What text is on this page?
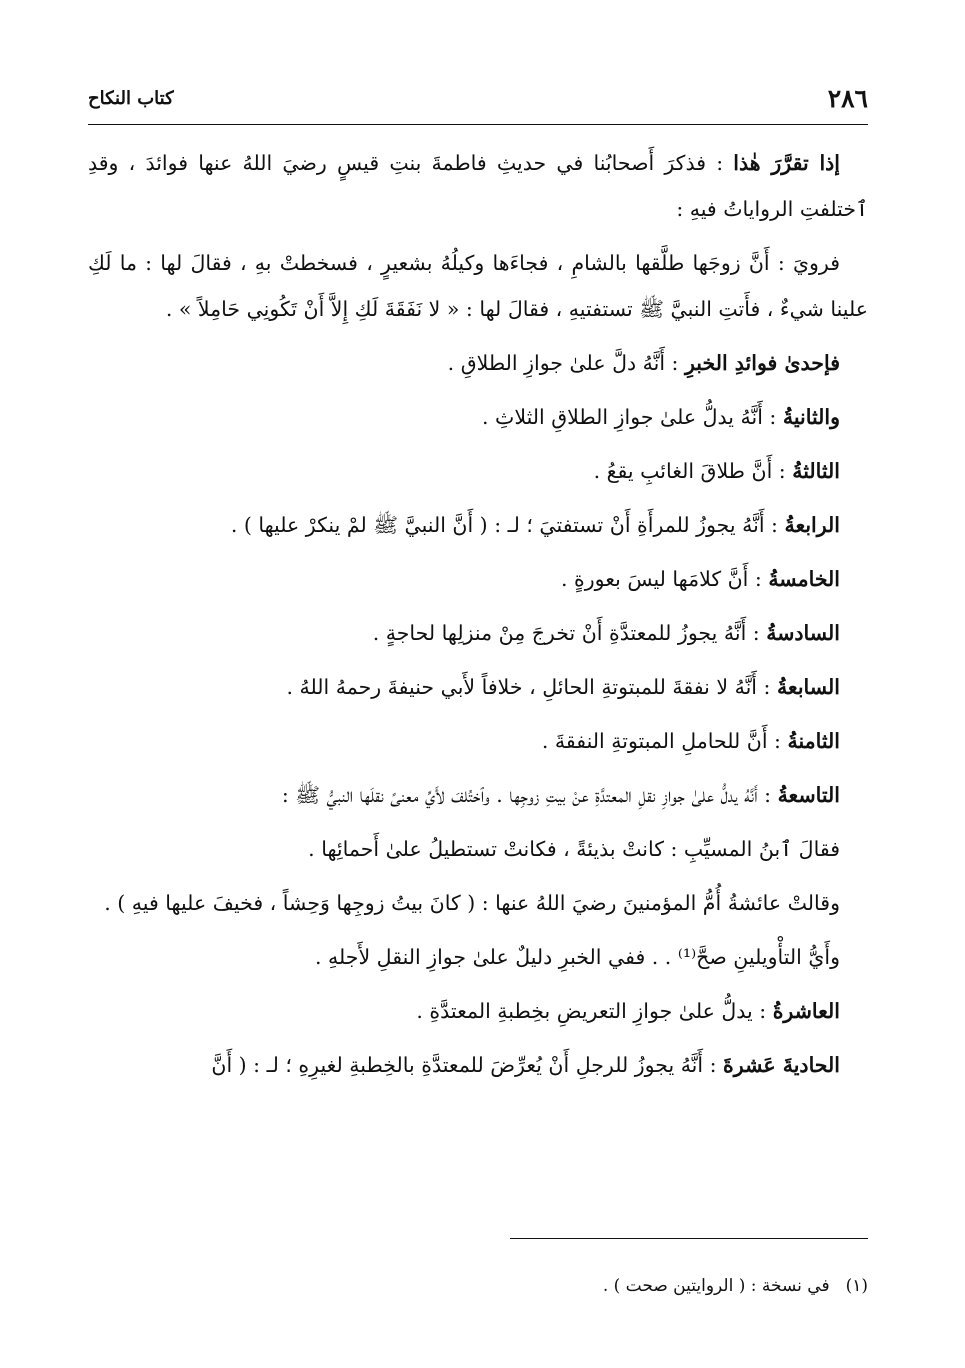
٢٨٦
كتاب النكاح

إذا تقرَّرَ هٰذا : فذكرَ أَصحابُنا في حديثِ فاطمةَ بنتِ قيسٍ رضيَ اللهُ عنها فوائدَ ، وقدِ ٱختلفتِ الرواياتُ فيهِ :

فرويَ : أَنَّ زوجَها طلَّقها بالشامِ ، فجاءَها وكيلُهُ بشعيرٍ ، فسخطتْ بهِ ، فقالَ لها : ما لَكِ علينا شيءٌ ، فأَتتِ النبيَّ ﷺ تستفتيهِ ، فقالَ لها : « لا نَفَقَةَ لَكِ إِلاَّ أَنْ تَكُونِي حَامِلاً » .

فإحدىٰ فوائدِ الخبرِ : أَنَّهُ دلَّ علىٰ جوازِ الطلاقِ .

والثانيةُ : أَنَّهُ يدلُّ علىٰ جوازِ الطلاقِ الثلاثِ .

الثالثةُ : أَنَّ طلاقَ الغائبِ يقعُ .

الرابعةُ : أَنَّهُ يجوزُ للمرأَةِ أَنْ تستفتيَ ؛ لـ : ( أَنَّ النبيَّ ﷺ لمْ ينكرْ عليها ) .

الخامسةُ : أَنَّ كلامَها ليسَ بعورةٍ .

السادسةُ : أَنَّهُ يجوزُ للمعتدَّةِ أَنْ تخرجَ مِنْ منزلِها لحاجةٍ .

السابعةُ : أَنَّهُ لا نفقةَ للمبتوتةِ الحائلِ ، خلافاً لأَبي حنيفةَ رحمهُ اللهُ .

الثامنةُ : أَنَّ للحاملِ المبتوتةِ النفقةَ .

التاسعةُ : أَنَّهُ يدلُّ علىٰ جوازِ نقلِ المعتدَّةِ عنْ بيتِ زوجِها . وٱختُلفَ لأَيِّ معنىً نقلَها النبيُّ ﷺ :

فقالَ ٱبنُ المسيِّبِ : كانتْ بذيئةً ، فكانتْ تستطيلُ علىٰ أَحمائِها .

وقالتْ عائشةُ أُمُّ المؤمنينَ رضيَ اللهُ عنها : ( كانَ بيتُ زوجِها وَحِشاً ، فخيفَ عليها فيهِ ) .

وأَيُّ التأْويلينِ صحَّ⁽¹⁾ . . ففي الخبرِ دليلٌ علىٰ جوازِ النقلِ لأَجلهِ .

العاشرةُ : يدلُّ علىٰ جوازِ التعريضِ بخِطبةِ المعتدَّةِ .

الحاديةَ عَشرةَ : أَنَّهُ يجوزُ للرجلِ أَنْ يُعرِّضَ للمعتدَّةِ بالخِطبةِ لغيرِهِ ؛ لـ : ( أَنَّ

(١)في نسخة : ( الروايتين صحت ) .
